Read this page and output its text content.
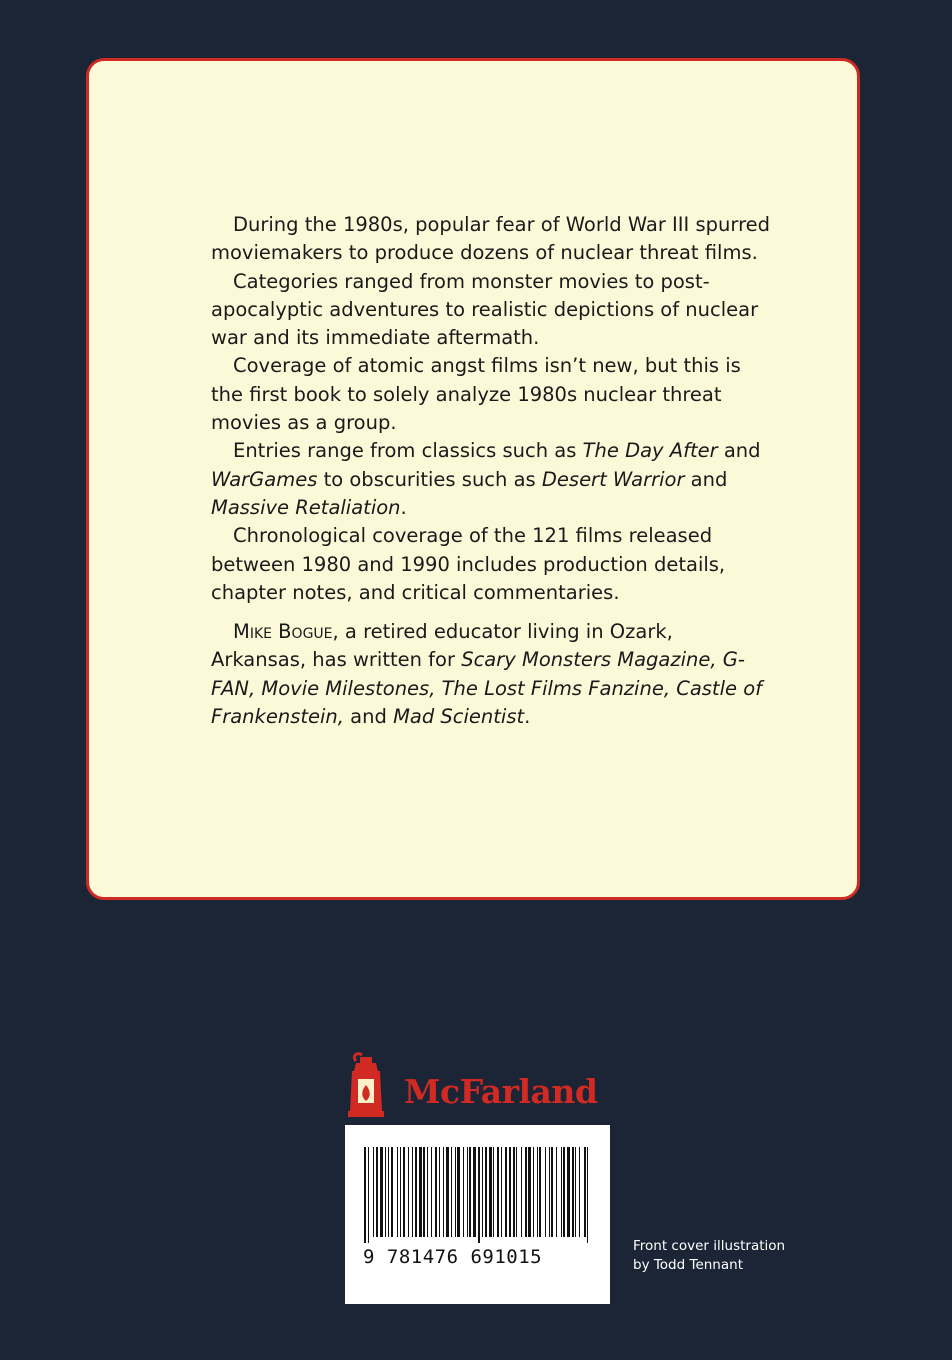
During the 1980s, popular fear of World War III spurred moviemakers to produce dozens of nuclear threat films.

Categories ranged from monster movies to post-apocalyptic adventures to realistic depictions of nuclear war and its immediate aftermath.

Coverage of atomic angst films isn’t new, but this is the first book to solely analyze 1980s nuclear threat movies as a group.

Entries range from classics such as The Day After and WarGames to obscurities such as Desert Warrior and Massive Retaliation.

Chronological coverage of the 121 films released between 1980 and 1990 includes production details, chapter notes, and critical commentaries.

Mike Bogue, a retired educator living in Ozark, Arkansas, has written for Scary Monsters Magazine, G-FAN, Movie Milestones, The Lost Films Fanzine, Castle of Frankenstein, and Mad Scientist.

McFarland
9 781476 691015	Front cover illustration
by Todd Tennant
